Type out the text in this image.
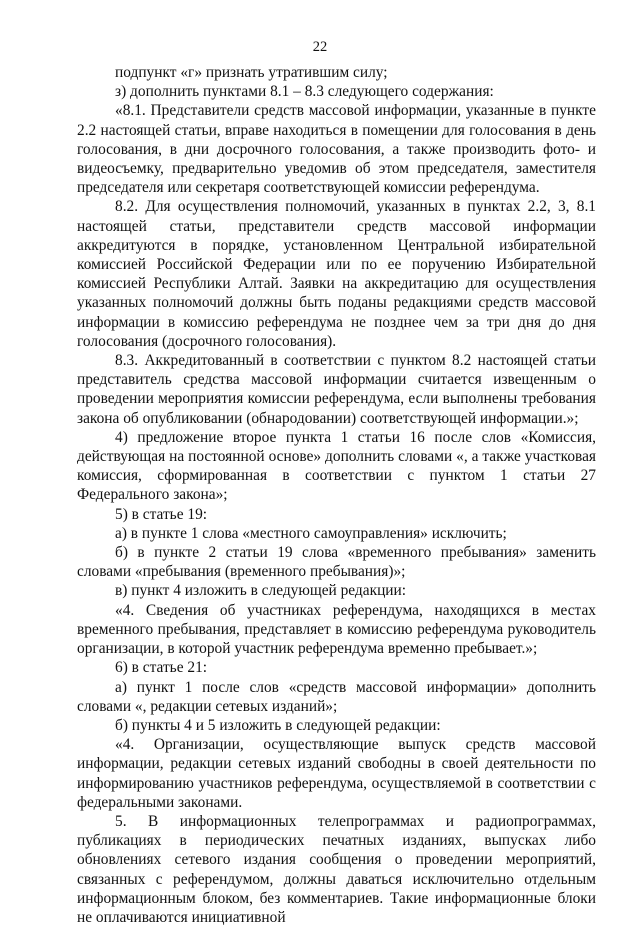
22

подпункт «г» признать утратившим силу;

з) дополнить пунктами 8.1 – 8.3 следующего содержания:

«8.1. Представители средств массовой информации, указанные в пункте 2.2 настоящей статьи, вправе находиться в помещении для голосования в день голосования, в дни досрочного голосования, а также производить фото- и видеосъемку, предварительно уведомив об этом председателя, заместителя председателя или секретаря соответствующей комиссии референдума.

8.2. Для осуществления полномочий, указанных в пунктах 2.2, 3, 8.1 настоящей статьи, представители средств массовой информации аккредитуются в порядке, установленном Центральной избирательной комиссией Российской Федерации или по ее поручению Избирательной комиссией Республики Алтай. Заявки на аккредитацию для осуществления указанных полномочий должны быть поданы редакциями средств массовой информации в комиссию референдума не позднее чем за три дня до дня голосования (досрочного голосования).

8.3. Аккредитованный в соответствии с пунктом 8.2 настоящей статьи представитель средства массовой информации считается извещенным о проведении мероприятия комиссии референдума, если выполнены требования закона об опубликовании (обнародовании) соответствующей информации.»;

4) предложение второе пункта 1 статьи 16 после слов «Комиссия, действующая на постоянной основе» дополнить словами «, а также участковая комиссия, сформированная в соответствии с пунктом 1 статьи 27 Федерального закона»;

5) в статье 19:

а) в пункте 1 слова «местного самоуправления» исключить;

б) в пункте 2 статьи 19 слова «временного пребывания» заменить словами «пребывания (временного пребывания)»;

в) пункт 4 изложить в следующей редакции:

«4. Сведения об участниках референдума, находящихся в местах временного пребывания, представляет в комиссию референдума руководитель организации, в которой участник референдума временно пребывает.»;

6) в статье 21:

а) пункт 1 после слов «средств массовой информации» дополнить словами «, редакции сетевых изданий»;

б) пункты 4 и 5 изложить в следующей редакции:

«4. Организации, осуществляющие выпуск средств массовой информации, редакции сетевых изданий свободны в своей деятельности по информированию участников референдума, осуществляемой в соответствии с федеральными законами.

5. В информационных телепрограммах и радиопрограммах, публикациях в периодических печатных изданиях, выпусках либо обновлениях сетевого издания сообщения о проведении мероприятий, связанных с референдумом, должны даваться исключительно отдельным информационным блоком, без комментариев. Такие информационные блоки не оплачиваются инициативной
